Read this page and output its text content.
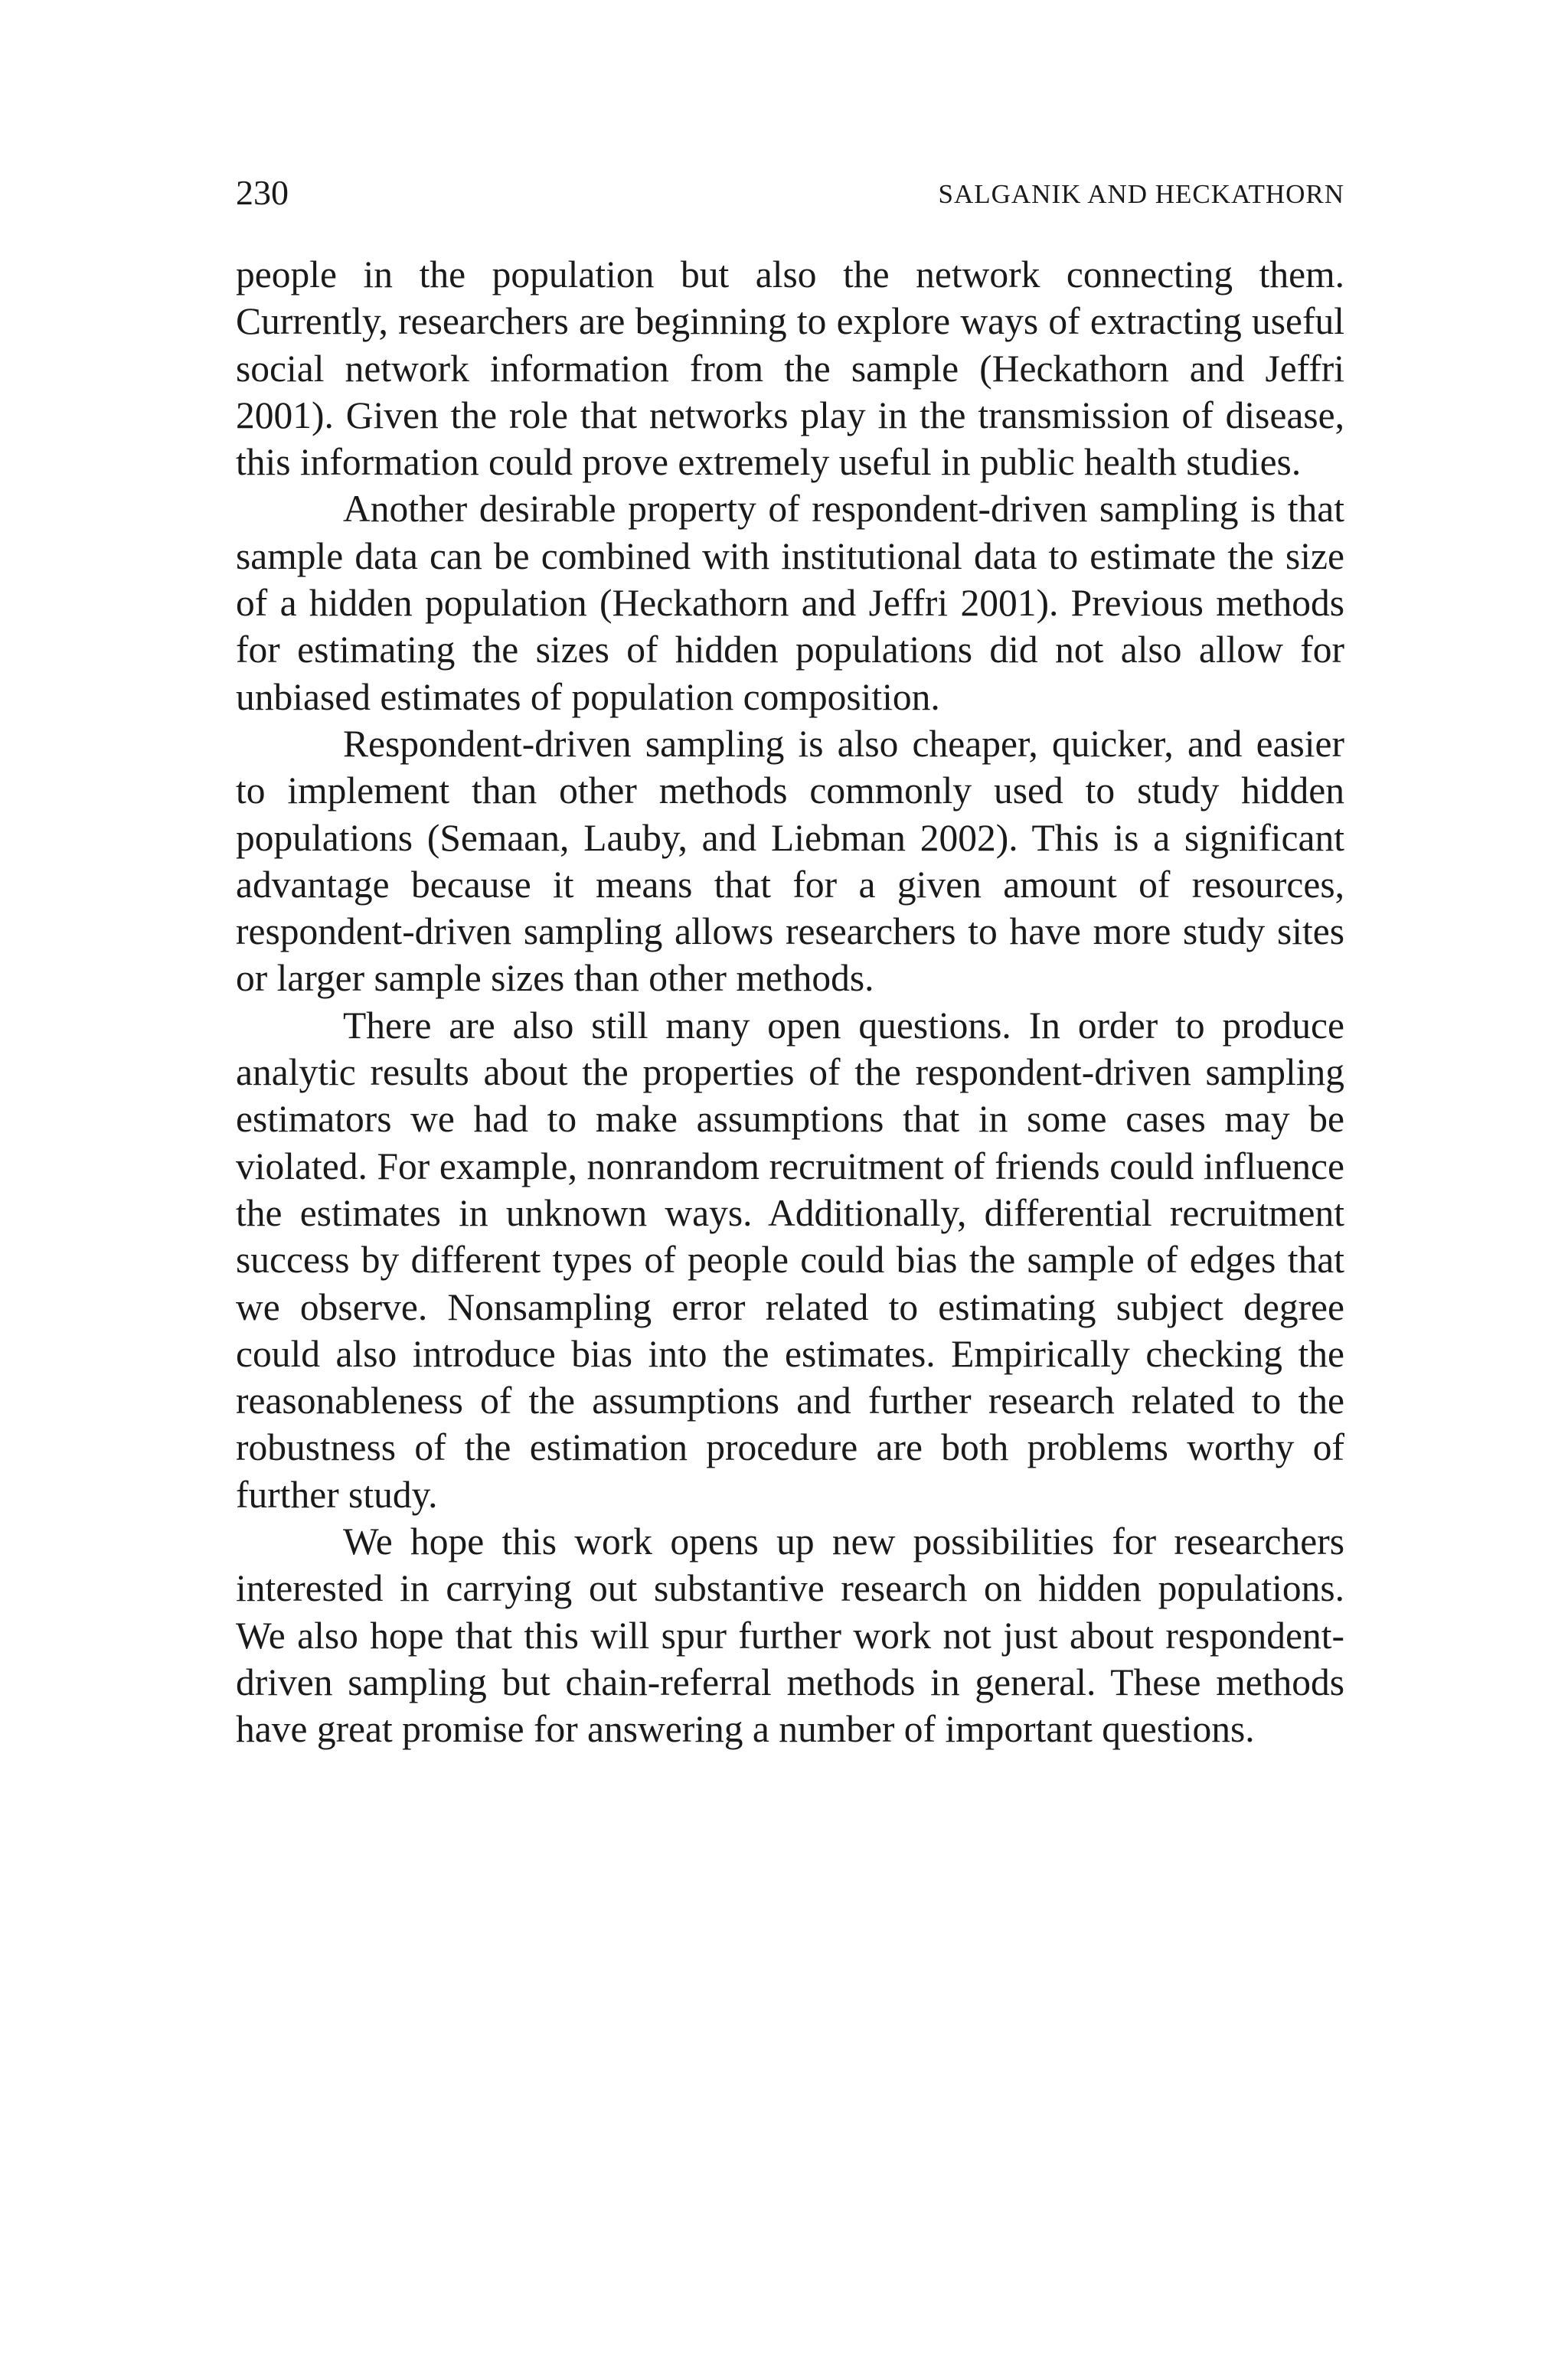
230	SALGANIK AND HECKATHORN

people in the population but also the network connecting them. Currently, researchers are beginning to explore ways of extracting useful social network information from the sample (Heckathorn and Jeffri 2001). Given the role that networks play in the transmission of disease, this information could prove extremely useful in public health studies.

Another desirable property of respondent-driven sampling is that sample data can be combined with institutional data to estimate the size of a hidden population (Heckathorn and Jeffri 2001). Previous methods for estimating the sizes of hidden populations did not also allow for unbiased estimates of population composition.

Respondent-driven sampling is also cheaper, quicker, and easier to implement than other methods commonly used to study hidden populations (Semaan, Lauby, and Liebman 2002). This is a significant advantage because it means that for a given amount of resources, respondent-driven sampling allows researchers to have more study sites or larger sample sizes than other methods.

There are also still many open questions. In order to produce analytic results about the properties of the respondent-driven sampling estimators we had to make assumptions that in some cases may be violated. For example, nonrandom recruitment of friends could influence the estimates in unknown ways. Additionally, differential recruitment success by different types of people could bias the sample of edges that we observe. Nonsampling error related to estimating subject degree could also introduce bias into the estimates. Empirically checking the reasonableness of the assumptions and further research related to the robustness of the estimation procedure are both problems worthy of further study.

We hope this work opens up new possibilities for researchers interested in carrying out substantive research on hidden populations. We also hope that this will spur further work not just about respondent-driven sampling but chain-referral methods in general. These methods have great promise for answering a number of important questions.
